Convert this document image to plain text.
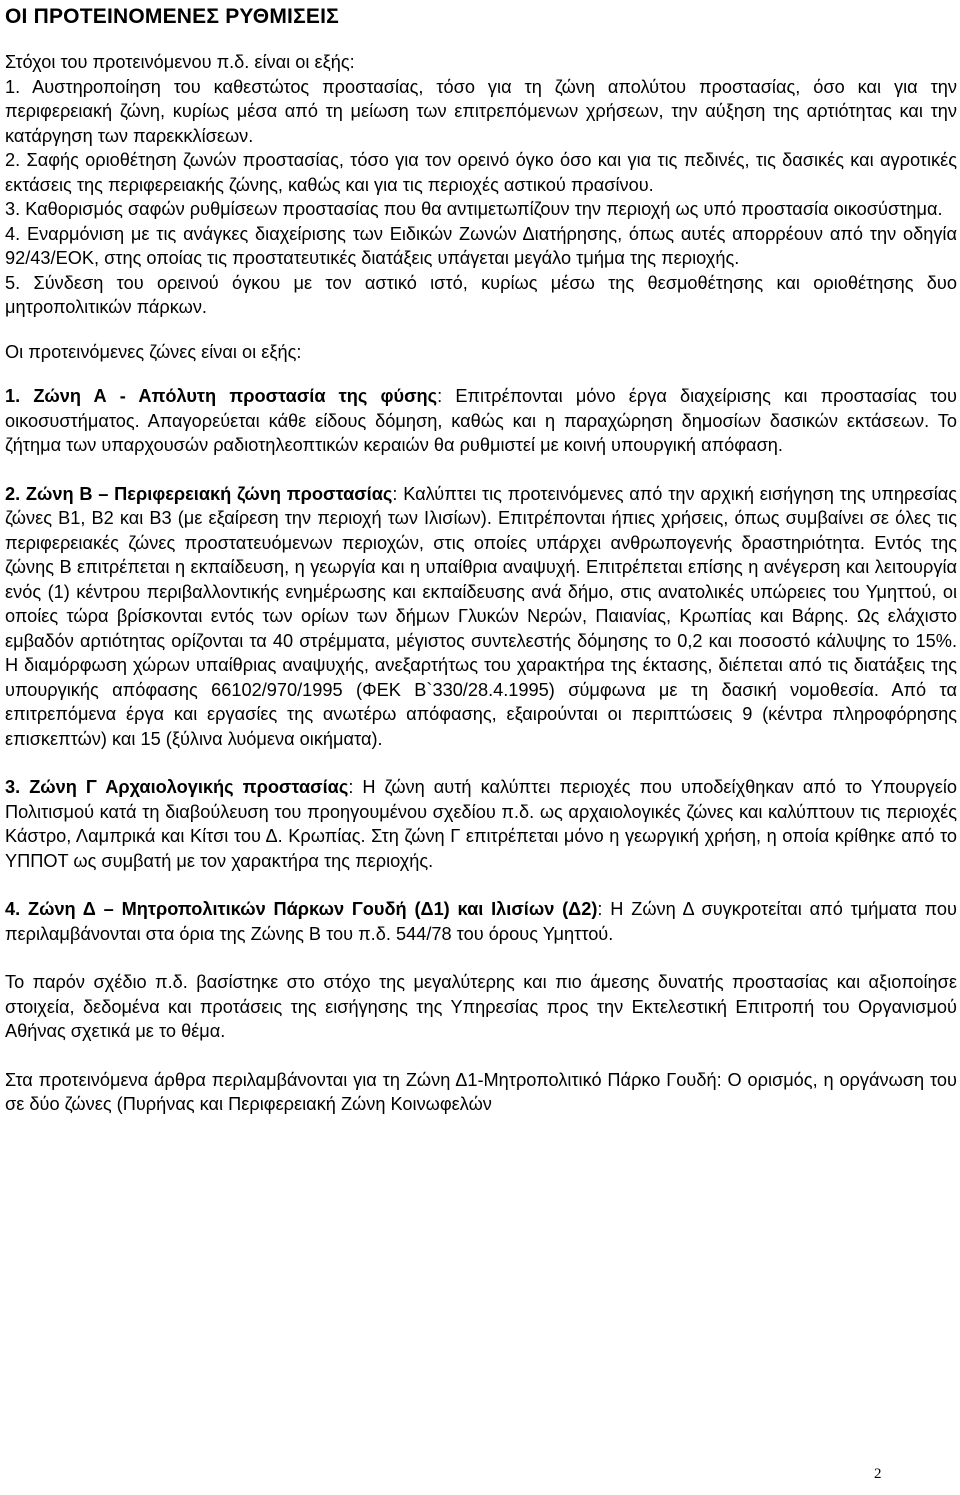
ΟΙ ΠΡΟΤΕΙΝΟΜΕΝΕΣ ΡΥΘΜΙΣΕΙΣ

Στόχοι του προτεινόμενου π.δ. είναι οι εξής:

1. Αυστηροποίηση του καθεστώτος προστασίας, τόσο για τη ζώνη απολύτου προστασίας, όσο και για την περιφερειακή ζώνη, κυρίως μέσα από τη μείωση των επιτρεπόμενων χρήσεων, την αύξηση της αρτιότητας και την κατάργηση των παρεκκλίσεων.

2. Σαφής οριοθέτηση ζωνών προστασίας, τόσο για τον ορεινό όγκο όσο και για τις πεδινές, τις δασικές και αγροτικές εκτάσεις της περιφερειακής ζώνης, καθώς και για τις περιοχές αστικού πρασίνου.

3. Καθορισμός σαφών ρυθμίσεων προστασίας που θα αντιμετωπίζουν την περιοχή ως υπό προστασία οικοσύστημα.

4. Εναρμόνιση με τις ανάγκες διαχείρισης των Ειδικών Ζωνών Διατήρησης, όπως αυτές απορρέουν από την οδηγία 92/43/ΕΟΚ, στης οποίας τις προστατευτικές διατάξεις υπάγεται μεγάλο τμήμα της περιοχής.

5. Σύνδεση του ορεινού όγκου με τον αστικό ιστό, κυρίως μέσω της θεσμοθέτησης και οριοθέτησης δυο μητροπολιτικών πάρκων.

Οι προτεινόμενες ζώνες είναι οι εξής:

1. Ζώνη Α - Απόλυτη προστασία της φύσης: Επιτρέπονται μόνο έργα διαχείρισης και προστασίας του οικοσυστήματος. Απαγορεύεται κάθε είδους δόμηση, καθώς και η παραχώρηση δημοσίων δασικών εκτάσεων. Το ζήτημα των υπαρχουσών ραδιοτηλεοπτικών κεραιών θα ρυθμιστεί με κοινή υπουργική απόφαση.

2. Ζώνη Β – Περιφερειακή ζώνη προστασίας: Καλύπτει τις προτεινόμενες από την αρχική εισήγηση της υπηρεσίας ζώνες Β1, Β2 και Β3 (με εξαίρεση την περιοχή των Ιλισίων). Επιτρέπονται ήπιες χρήσεις, όπως συμβαίνει σε όλες τις περιφερειακές ζώνες προστατευόμενων περιοχών, στις οποίες υπάρχει ανθρωπογενής δραστηριότητα. Εντός της ζώνης Β επιτρέπεται η εκπαίδευση, η γεωργία και η υπαίθρια αναψυχή. Επιτρέπεται επίσης η ανέγερση και λειτουργία ενός (1) κέντρου περιβαλλοντικής ενημέρωσης και εκπαίδευσης ανά δήμο, στις ανατολικές υπώρειες του Υμηττού, οι οποίες τώρα βρίσκονται εντός των ορίων των δήμων Γλυκών Νερών, Παιανίας, Κρωπίας και Βάρης. Ως ελάχιστο εμβαδόν αρτιότητας ορίζονται τα 40 στρέμματα, μέγιστος συντελεστής δόμησης το 0,2 και ποσοστό κάλυψης το 15%. Η διαμόρφωση χώρων υπαίθριας αναψυχής, ανεξαρτήτως του χαρακτήρα της έκτασης, διέπεται από τις διατάξεις της υπουργικής απόφασης 66102/970/1995 (ΦΕΚ Β`330/28.4.1995) σύμφωνα με τη δασική νομοθεσία. Από τα επιτρεπόμενα έργα και εργασίες της ανωτέρω απόφασης, εξαιρούνται οι περιπτώσεις 9 (κέντρα πληροφόρησης επισκεπτών) και 15 (ξύλινα λυόμενα οικήματα).

3. Ζώνη Γ Αρχαιολογικής προστασίας: Η ζώνη αυτή καλύπτει περιοχές που υποδείχθηκαν από το Υπουργείο Πολιτισμού κατά τη διαβούλευση του προηγουμένου σχεδίου π.δ. ως αρχαιολογικές ζώνες και καλύπτουν τις περιοχές Κάστρο, Λαμπρικά και Κίτσι του Δ. Κρωπίας. Στη ζώνη Γ επιτρέπεται μόνο η γεωργική χρήση, η οποία κρίθηκε από το ΥΠΠΟΤ ως συμβατή με τον χαρακτήρα της περιοχής.

4. Ζώνη Δ – Μητροπολιτικών Πάρκων Γουδή (Δ1) και Ιλισίων (Δ2): Η Ζώνη Δ συγκροτείται από τμήματα που περιλαμβάνονται στα όρια της Ζώνης Β του π.δ. 544/78 του όρους Υμηττού.

Το παρόν σχέδιο π.δ. βασίστηκε στο στόχο της μεγαλύτερης και πιο άμεσης δυνατής προστασίας και αξιοποίησε στοιχεία, δεδομένα και προτάσεις της εισήγησης της Υπηρεσίας προς την Εκτελεστική Επιτροπή του Οργανισμού Αθήνας σχετικά με το θέμα.

Στα προτεινόμενα άρθρα περιλαμβάνονται για τη Ζώνη Δ1-Μητροπολιτικό Πάρκο Γουδή: Ο ορισμός, η οργάνωση του σε δύο ζώνες (Πυρήνας και Περιφερειακή Ζώνη Κοινωφελών

2
